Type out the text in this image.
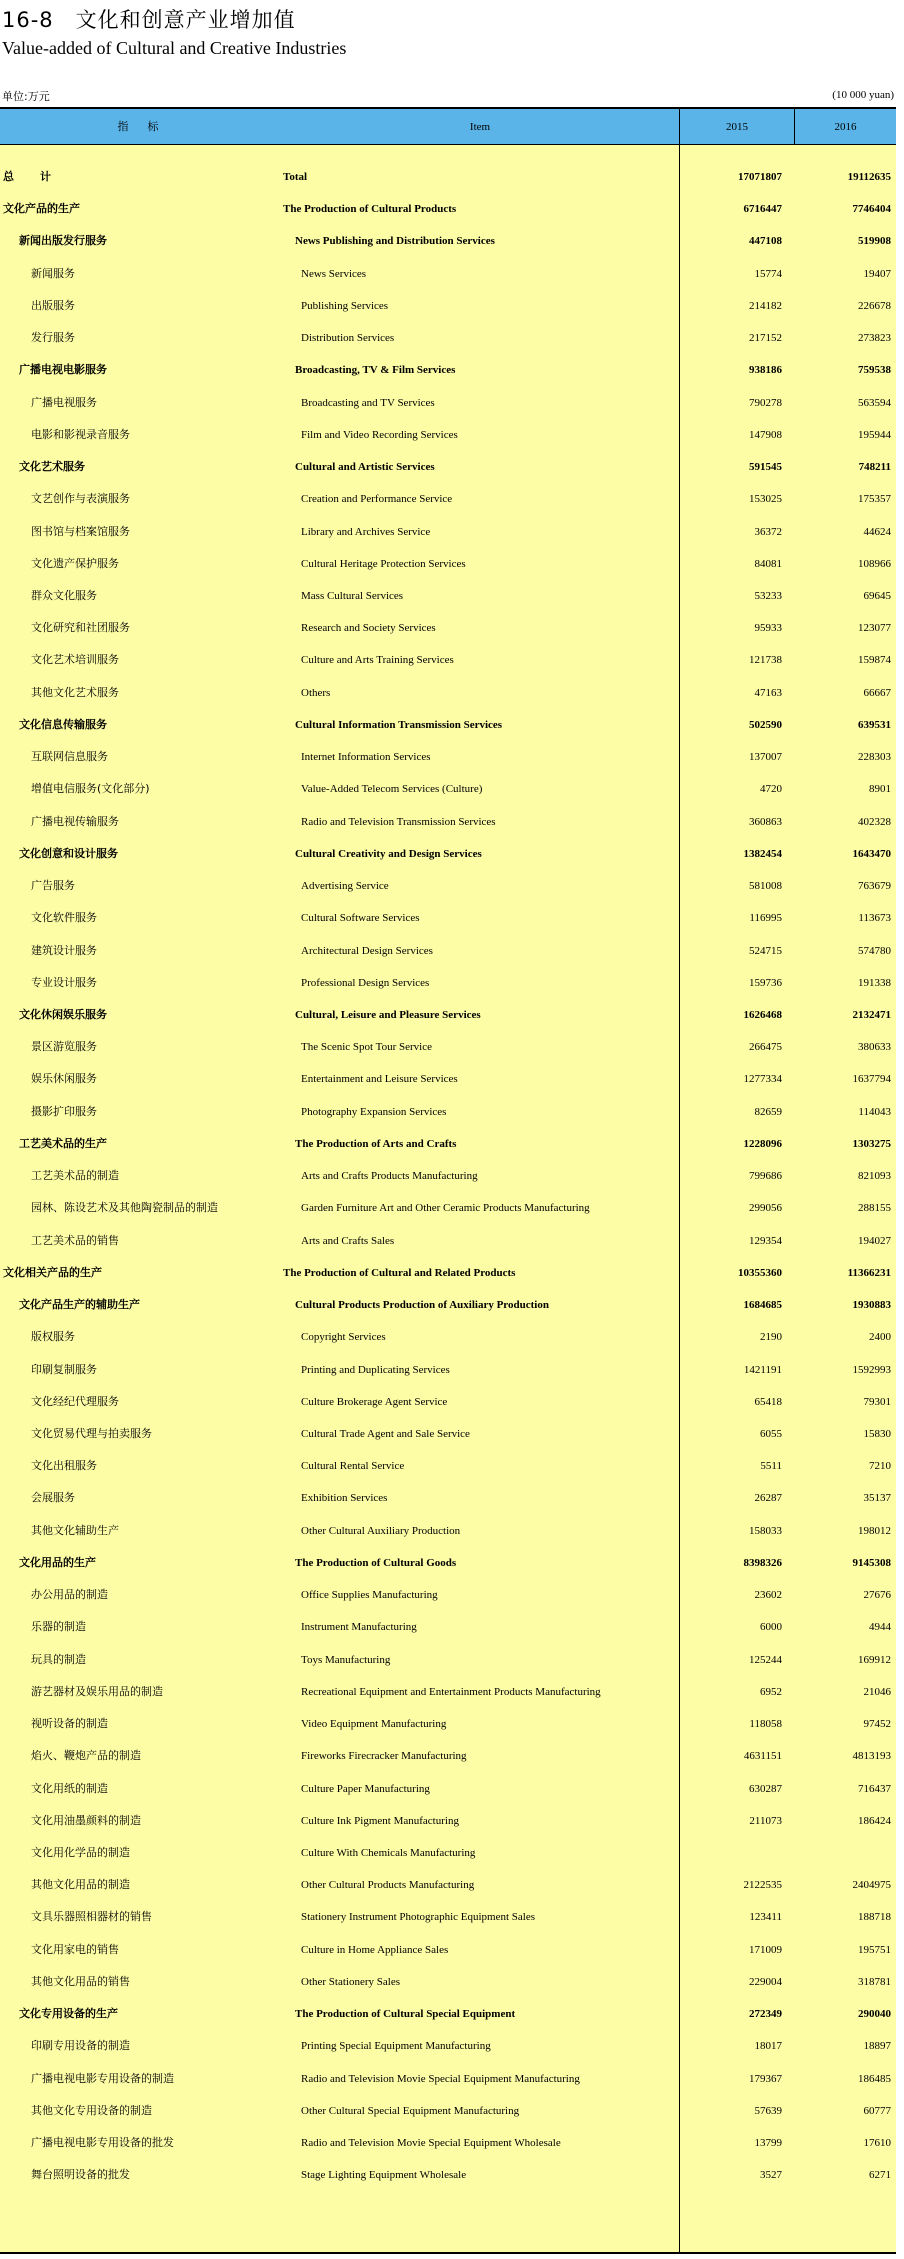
16-8　文化和创意产业增加值
Value-added of Cultural and Creative Industries
单位:万元	(10 000 yuan)
指　标	Item	2015	2016
总计	Total	17071807	19112635
文化产品的生产	The Production of Cultural Products	6716447	7746404
新闻出版发行服务	News Publishing and Distribution Services	447108	519908
新闻服务	News Services	15774	19407
出版服务	Publishing Services	214182	226678
发行服务	Distribution Services	217152	273823
广播电视电影服务	Broadcasting, TV & Film Services	938186	759538
广播电视服务	Broadcasting and TV Services	790278	563594
电影和影视录音服务	Film and Video Recording Services	147908	195944
文化艺术服务	Cultural and Artistic Services	591545	748211
文艺创作与表演服务	Creation and Performance Service	153025	175357
图书馆与档案馆服务	Library and Archives Service	36372	44624
文化遗产保护服务	Cultural Heritage Protection Services	84081	108966
群众文化服务	Mass Cultural Services	53233	69645
文化研究和社团服务	Research and Society Services	95933	123077
文化艺术培训服务	Culture and Arts Training Services	121738	159874
其他文化艺术服务	Others	47163	66667
文化信息传输服务	Cultural Information Transmission Services	502590	639531
互联网信息服务	Internet Information Services	137007	228303
增值电信服务(文化部分)	Value-Added Telecom Services (Culture)	4720	8901
广播电视传输服务	Radio and Television Transmission Services	360863	402328
文化创意和设计服务	Cultural Creativity and Design Services	1382454	1643470
广告服务	Advertising Service	581008	763679
文化软件服务	Cultural Software Services	116995	113673
建筑设计服务	Architectural Design Services	524715	574780
专业设计服务	Professional Design Services	159736	191338
文化休闲娱乐服务	Cultural, Leisure and Pleasure Services	1626468	2132471
景区游览服务	The Scenic Spot Tour Service	266475	380633
娱乐休闲服务	Entertainment and Leisure Services	1277334	1637794
摄影扩印服务	Photography Expansion Services	82659	114043
工艺美术品的生产	The Production of Arts and Crafts	1228096	1303275
工艺美术品的制造	Arts and Crafts Products Manufacturing	799686	821093
园林、陈设艺术及其他陶瓷制品的制造	Garden Furniture Art and Other Ceramic Products Manufacturing	299056	288155
工艺美术品的销售	Arts and Crafts Sales	129354	194027
文化相关产品的生产	The Production of Cultural and Related Products	10355360	11366231
文化产品生产的辅助生产	Cultural Products Production of Auxiliary Production	1684685	1930883
版权服务	Copyright Services	2190	2400
印刷复制服务	Printing and Duplicating Services	1421191	1592993
文化经纪代理服务	Culture Brokerage Agent Service	65418	79301
文化贸易代理与拍卖服务	Cultural Trade Agent and Sale Service	6055	15830
文化出租服务	Cultural Rental Service	5511	7210
会展服务	Exhibition Services	26287	35137
其他文化辅助生产	Other Cultural Auxiliary Production	158033	198012
文化用品的生产	The Production of Cultural Goods	8398326	9145308
办公用品的制造	Office Supplies Manufacturing	23602	27676
乐器的制造	Instrument Manufacturing	6000	4944
玩具的制造	Toys Manufacturing	125244	169912
游艺器材及娱乐用品的制造	Recreational Equipment and Entertainment Products Manufacturing	6952	21046
视听设备的制造	Video Equipment Manufacturing	118058	97452
焰火、鞭炮产品的制造	Fireworks Firecracker Manufacturing	4631151	4813193
文化用纸的制造	Culture Paper Manufacturing	630287	716437
文化用油墨颜料的制造	Culture Ink Pigment Manufacturing	211073	186424
文化用化学品的制造	Culture With Chemicals Manufacturing
其他文化用品的制造	Other Cultural Products Manufacturing	2122535	2404975
文具乐器照相器材的销售	Stationery Instrument Photographic Equipment Sales	123411	188718
文化用家电的销售	Culture in Home Appliance Sales	171009	195751
其他文化用品的销售	Other Stationery Sales	229004	318781
文化专用设备的生产	The Production of Cultural Special Equipment	272349	290040
印刷专用设备的制造	Printing Special Equipment Manufacturing	18017	18897
广播电视电影专用设备的制造	Radio and Television Movie Special Equipment Manufacturing	179367	186485
其他文化专用设备的制造	Other Cultural Special Equipment Manufacturing	57639	60777
广播电视电影专用设备的批发	Radio and Television Movie Special Equipment Wholesale	13799	17610
舞台照明设备的批发	Stage Lighting Equipment Wholesale	3527	6271
